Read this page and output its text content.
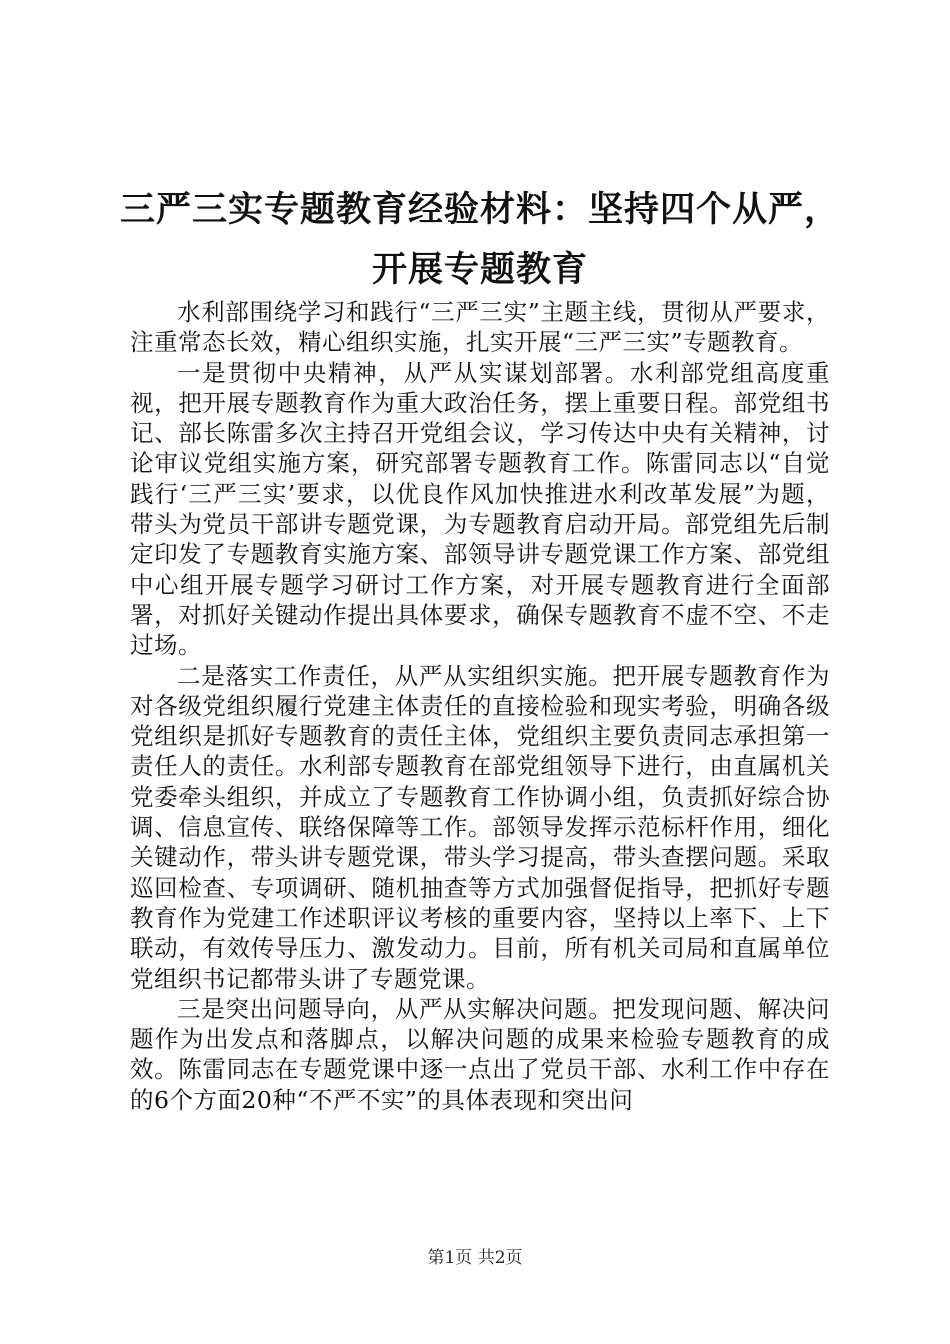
三严三实专题教育经验材料：坚持四个从严，
开展专题教育

水利部围绕学习和践行“三严三实”主题主线，贯彻从严要求，注重常态长效，精心组织实施，扎实开展“三严三实”专题教育。

一是贯彻中央精神，从严从实谋划部署。水利部党组高度重视，把开展专题教育作为重大政治任务，摆上重要日程。部党组书记、部长陈雷多次主持召开党组会议，学习传达中央有关精神，讨论审议党组实施方案，研究部署专题教育工作。陈雷同志以“自觉践行‘三严三实’要求，以优良作风加快推进水利改革发展”为题，带头为党员干部讲专题党课，为专题教育启动开局。部党组先后制定印发了专题教育实施方案、部领导讲专题党课工作方案、部党组中心组开展专题学习研讨工作方案，对开展专题教育进行全面部署，对抓好关键动作提出具体要求，确保专题教育不虚不空、不走过场。

二是落实工作责任，从严从实组织实施。把开展专题教育作为对各级党组织履行党建主体责任的直接检验和现实考验，明确各级党组织是抓好专题教育的责任主体，党组织主要负责同志承担第一责任人的责任。水利部专题教育在部党组领导下进行，由直属机关党委牵头组织，并成立了专题教育工作协调小组，负责抓好综合协调、信息宣传、联络保障等工作。部领导发挥示范标杆作用，细化关键动作，带头讲专题党课，带头学习提高，带头查摆问题。采取巡回检查、专项调研、随机抽查等方式加强督促指导，把抓好专题教育作为党建工作述职评议考核的重要内容，坚持以上率下、上下联动，有效传导压力、激发动力。目前，所有机关司局和直属单位党组织书记都带头讲了专题党课。

三是突出问题导向，从严从实解决问题。把发现问题、解决问题作为出发点和落脚点，以解决问题的成果来检验专题教育的成效。陈雷同志在专题党课中逐一点出了党员干部、水利工作中存在的6个方面20种“不严不实”的具体表现和突出问

第1页 共2页
